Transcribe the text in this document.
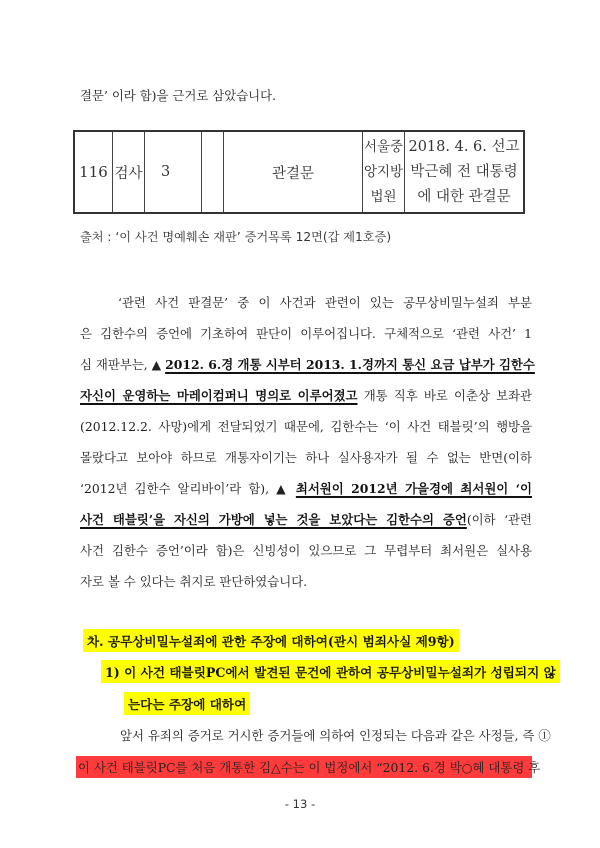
결문’ 이라 함)을 근거로 삼았습니다.
116 검사	3	관결문
서울중
앙지방
법원
2018. 4. 6. 선고
박근혜 전 대통령
에 대한 관결문
출처 : ‘이 사건 명예훼손 재판’ 증거목록 12면(갑 제1호증)
‘관련 사건 판결문’ 중 이 사건과 관련이 있는 공무상비밀누설죄 부분
은 김한수의 증언에 기초하여 판단이 이루어집니다. 구체적으로 ‘관련 사건’ 1
심 재판부는, ▲ 2012. 6.경 개통 시부터 2013. 1.경까지 통신 요금 납부가 김한수
자신이 운영하는 마레이컴퍼니 명의로 이루어졌고 개통 직후 바로 이춘상 보좌관
(2012.12.2. 사망)에게 전달되었기 때문에, 김한수는 ‘이 사건 태블릿’의 행방을
몰랐다고 보아야 하므로 개통자이기는 하나 실사용자가 될 수 없는 반면(이하
‘2012년 김한수 알리바이’라 함), ▲ 최서원이 2012년 가을경에 최서원이 ‘이
사건 태블릿’을 자신의 가방에 넣는 것을 보았다는 김한수의 증언(이하 ‘관련
사건 김한수 증언’이라 함)은 신빙성이 있으므로 그 무렵부터 최서원은 실사용
자로 볼 수 있다는 취지로 판단하였습니다.
차. 공무상비밀누설죄에 관한 주장에 대하여(관시 범죄사실 제9항)
1) 이 사건 태블릿PC에서 발견된 문건에 관하여 공무상비밀누설죄가 성립되지 않
는다는 주장에 대하여
앞서 유죄의 증거로 거시한 증거들에 의하여 인정되는 다음과 같은 사정들, 즉 ①
이 사건 태블릿PC를 처음 개통한 김△수는 이 법정에서 “2012. 6.경 박○혜 대통령 후
- 13 -
